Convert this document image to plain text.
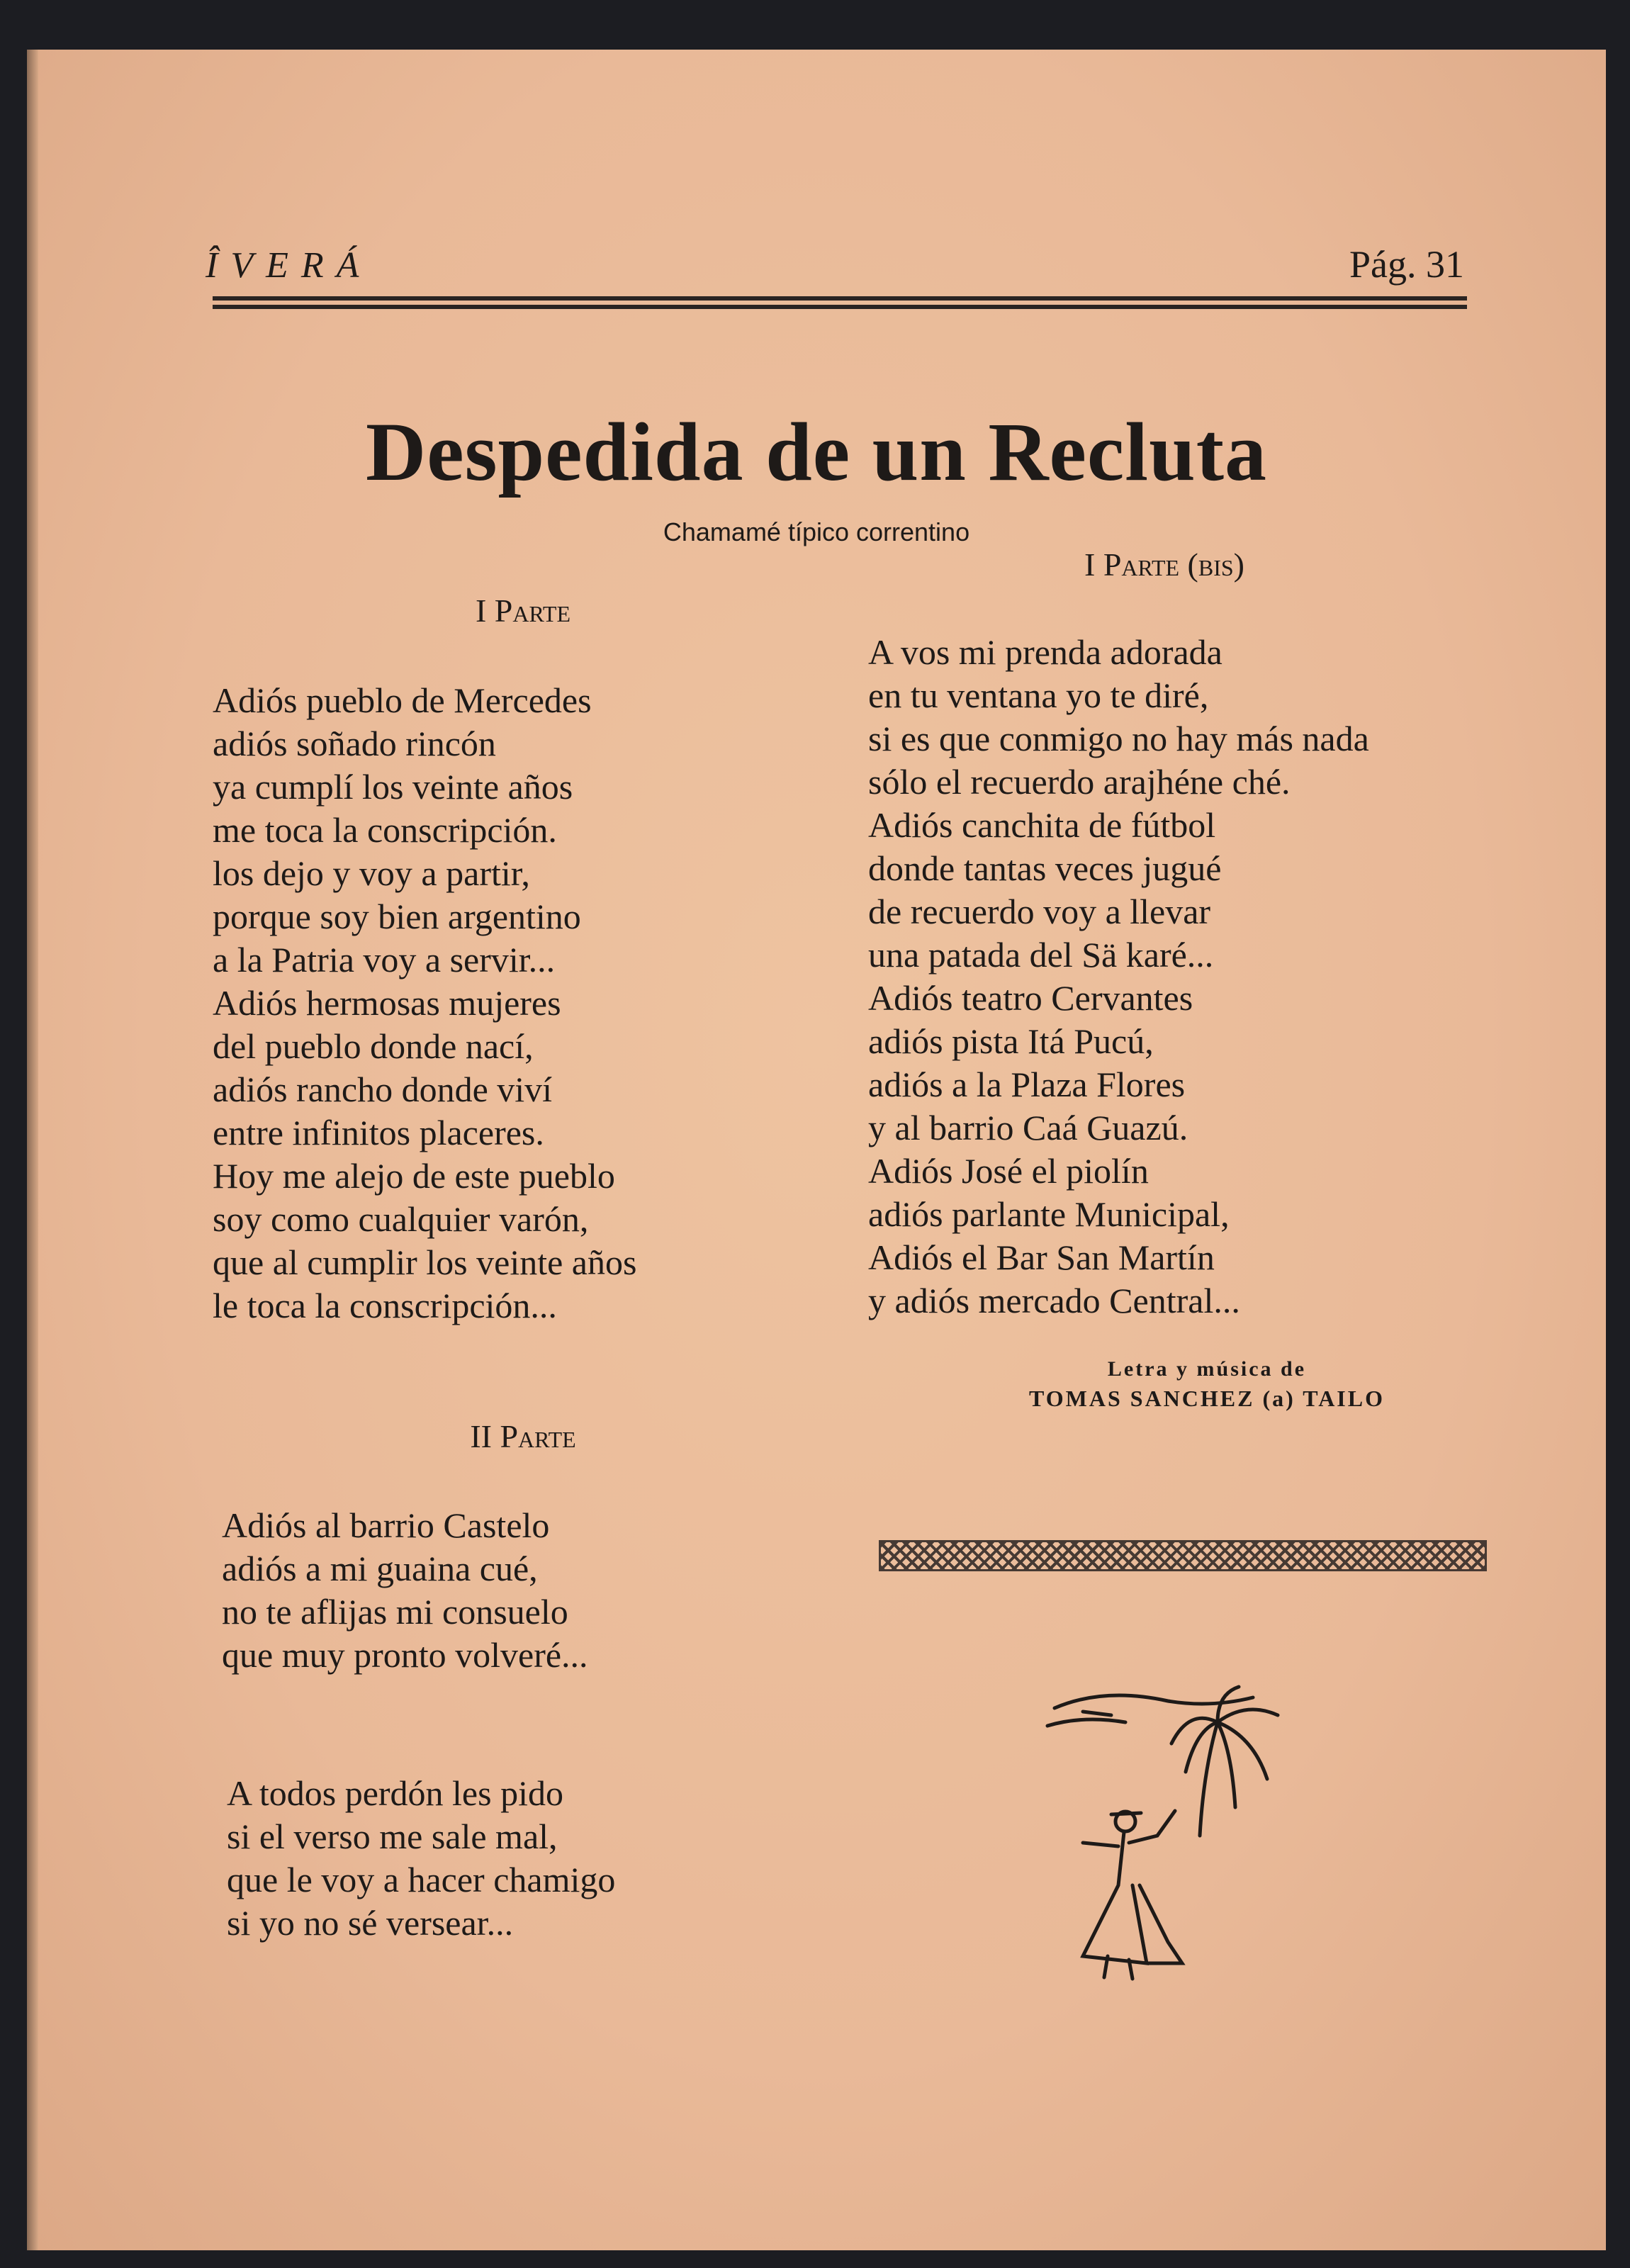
ÎVERÁ	Pág. 31
Despedida de un Recluta
Chamamé típico correntino
I Parte
Adiós pueblo de Mercedes
adiós soñado rincón
ya cumplí los veinte años
me toca la conscripción.
los dejo y voy a partir,
porque soy bien argentino
a la Patria voy a servir...
Adiós hermosas mujeres
del pueblo donde nací,
adiós rancho donde viví
entre infinitos placeres.
Hoy me alejo de este pueblo
soy como cualquier varón,
que al cumplir los veinte años
le toca la conscripción...
II Parte
Adiós al barrio Castelo
adiós a mi guaina cué,
no te aflijas mi consuelo
que muy pronto volveré...
A todos perdón les pido
si el verso me sale mal,
que le voy a hacer chamigo
si yo no sé versear...
I Parte (bis)
A vos mi prenda adorada
en tu ventana yo te diré,
si es que conmigo no hay más nada
sólo el recuerdo arajhéne ché.
Adiós canchita de fútbol
donde tantas veces jugué
de recuerdo voy a llevar
una patada del Sä karé...
Adiós teatro Cervantes
adiós pista Itá Pucú,
adiós a la Plaza Flores
y al barrio Caá Guazú.
Adiós José el piolín
adiós parlante Municipal,
Adiós el Bar San Martín
y adiós mercado Central...
Letra y música de
TOMAS SANCHEZ (a) TAILO
